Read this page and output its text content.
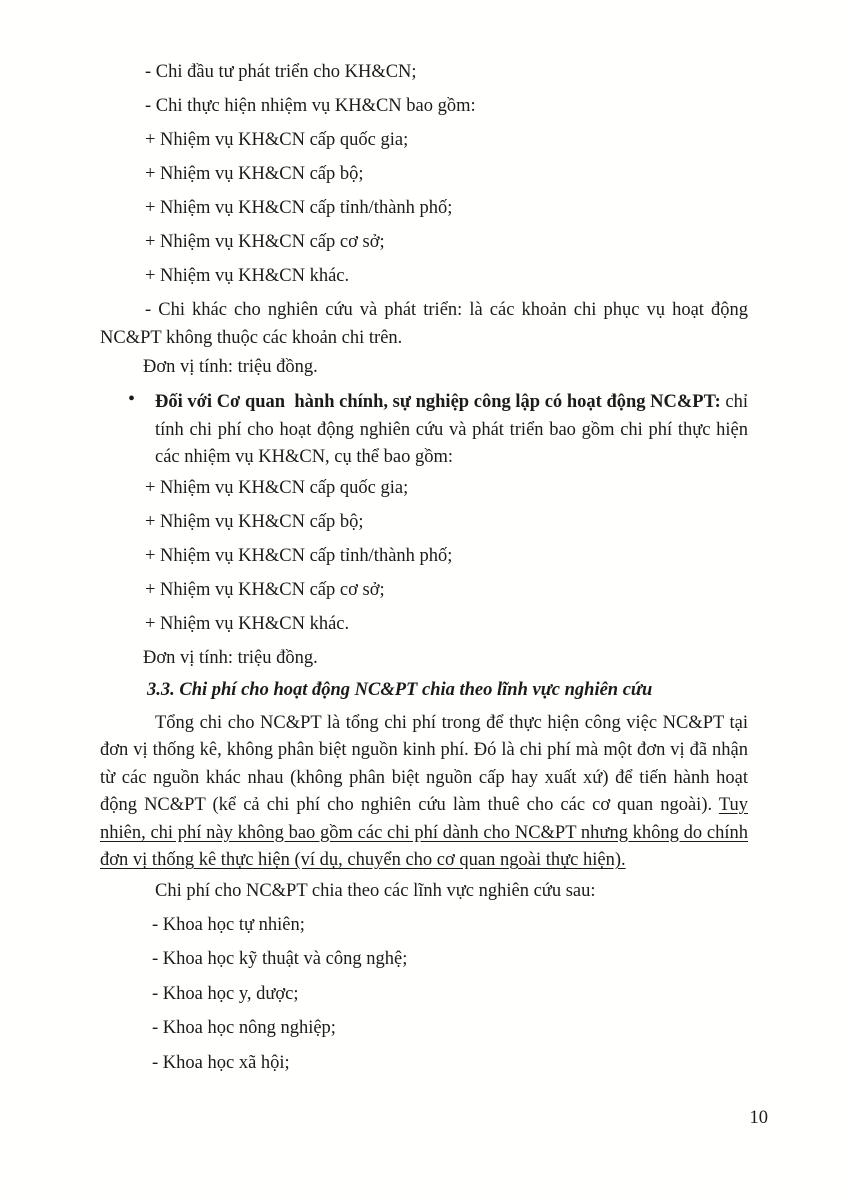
- Chi đầu tư phát triển cho KH&CN;

- Chi thực hiện nhiệm vụ KH&CN bao gồm:

+ Nhiệm vụ KH&CN cấp quốc gia;

+ Nhiệm vụ KH&CN cấp bộ;

+ Nhiệm vụ KH&CN cấp tỉnh/thành phố;

+ Nhiệm vụ KH&CN cấp cơ sở;

+ Nhiệm vụ KH&CN khác.

- Chi khác cho nghiên cứu và phát triển: là các khoản chi phục vụ hoạt động NC&PT không thuộc các khoản chi trên.

Đơn vị tính: triệu đồng.

• Đối với Cơ quan  hành chính, sự nghiệp công lập có hoạt động NC&PT: chỉ tính chi phí cho hoạt động nghiên cứu và phát triển bao gồm chi phí thực hiện các nhiệm vụ KH&CN, cụ thể bao gồm:

+ Nhiệm vụ KH&CN cấp quốc gia;

+ Nhiệm vụ KH&CN cấp bộ;

+ Nhiệm vụ KH&CN cấp tỉnh/thành phố;

+ Nhiệm vụ KH&CN cấp cơ sở;

+ Nhiệm vụ KH&CN khác.

Đơn vị tính: triệu đồng.

3.3. Chi phí cho hoạt động NC&PT chia theo lĩnh vực nghiên cứu

Tổng chi cho NC&PT là tổng chi phí trong để thực hiện công việc NC&PT tại đơn vị thống kê, không phân biệt nguồn kinh phí. Đó là chi phí mà một đơn vị đã nhận từ các nguồn khác nhau (không phân biệt nguồn cấp hay xuất xứ) để tiến hành hoạt động NC&PT (kể cả chi phí cho nghiên cứu làm thuê cho các cơ quan ngoài). Tuy nhiên, chi phí này không bao gồm các chi phí dành cho NC&PT nhưng không do chính đơn vị thống kê thực hiện (ví dụ, chuyển cho cơ quan ngoài thực hiện).

Chi phí cho NC&PT chia theo các lĩnh vực nghiên cứu sau:

- Khoa học tự nhiên;

- Khoa học kỹ thuật và công nghệ;

- Khoa học y, dược;

- Khoa học nông nghiệp;

- Khoa học xã hội;

10
